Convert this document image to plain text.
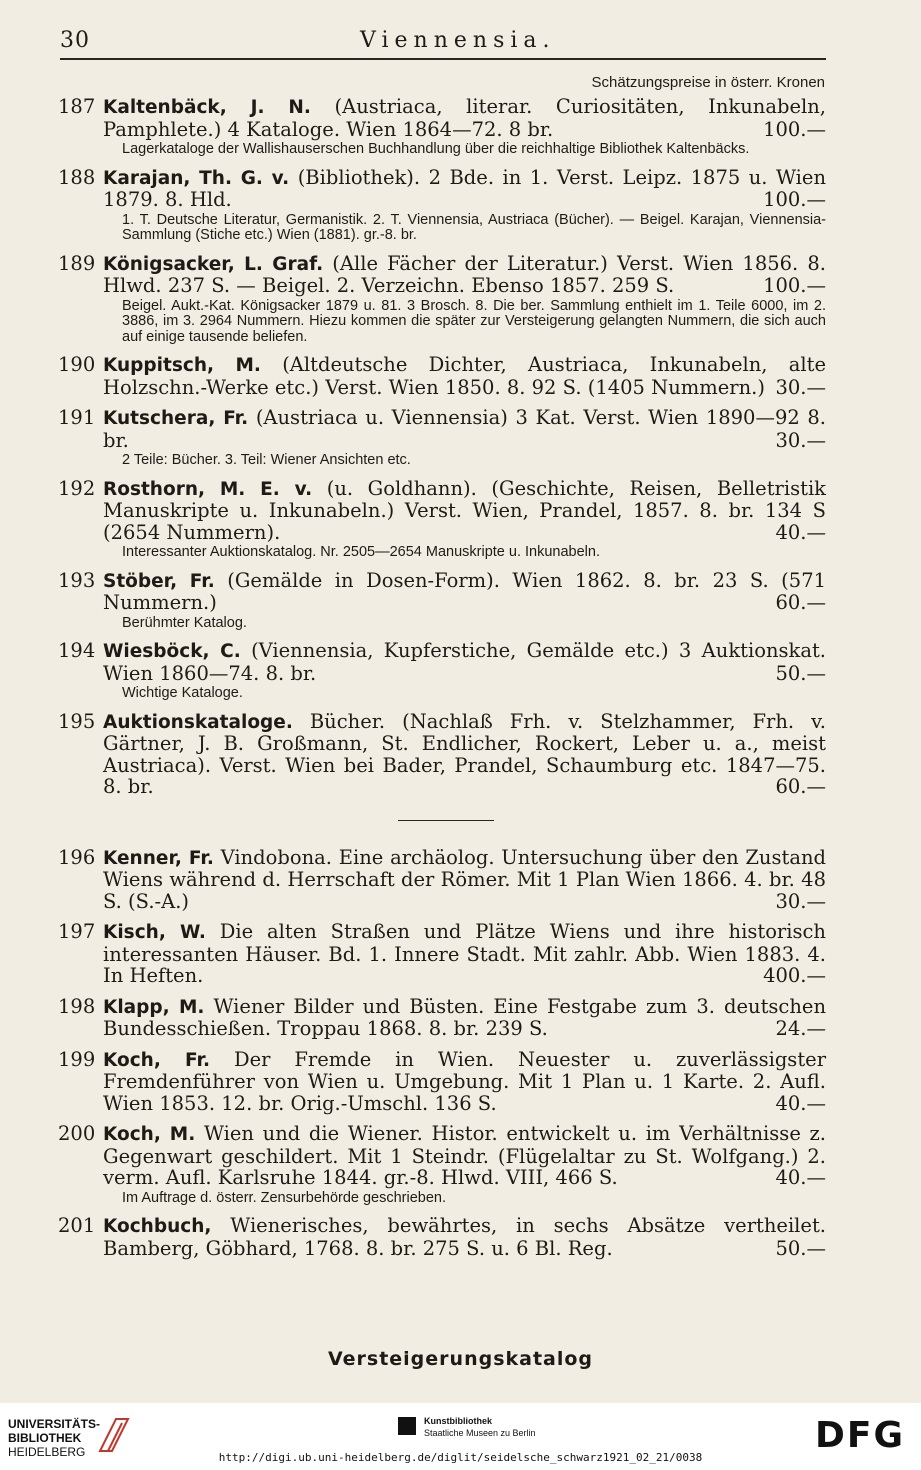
30	Viennensia.
Schätzungspreise in österr. Kronen
187 Kaltenbäck, J. N. (Austriaca, literar. Curiositäten, Inkunabeln, Pamphlete.) 4 Kataloge. Wien 1864—72. 8 br.	100.—
Lagerkataloge der Wallishauserschen Buchhandlung über die reichhaltige Bibliothek Kaltenbäcks.
188 Karajan, Th. G. v. (Bibliothek). 2 Bde. in 1. Verst. Leipz. 1875 u. Wien 1879. 8. Hld.	100.—
1. T. Deutsche Literatur, Germanistik. 2. T. Viennensia, Austriaca (Bücher). — Beigel. Karajan, Viennensia-Sammlung (Stiche etc.) Wien (1881). gr.-8. br.
189 Königsacker, L. Graf. (Alle Fächer der Literatur.) Verst. Wien 1856. 8. Hlwd. 237 S. — Beigel. 2. Verzeichn. Ebenso 1857. 259 S.	100.—
Beigel. Aukt.-Kat. Königsacker 1879 u. 81. 3 Brosch. 8. Die ber. Sammlung enthielt im 1. Teile 6000, im 2. 3886, im 3. 2964 Nummern. Hiezu kommen die später zur Versteigerung gelangten Nummern, die sich auch auf einige tausende beliefen.
190 Kuppitsch, M. (Altdeutsche Dichter, Austriaca, Inkunabeln, alte Holzschn.-Werke etc.) Verst. Wien 1850. 8. 92 S. (1405 Nummern.) 30.—
191 Kutschera, Fr. (Austriaca u. Viennensia) 3 Kat. Verst. Wien 1890—92 8. br.	30.—
2 Teile: Bücher. 3. Teil: Wiener Ansichten etc.
192 Rosthorn, M. E. v. (u. Goldhann). (Geschichte, Reisen, Belletristik Manuskripte u. Inkunabeln.) Verst. Wien, Prandel, 1857. 8. br. 134 S (2654 Nummern).	40.—
Interessanter Auktionskatalog. Nr. 2505—2654 Manuskripte u. Inkunabeln.
193 Stöber, Fr. (Gemälde in Dosen-Form). Wien 1862. 8. br. 23 S. (571 Nummern.)	60.—
Berühmter Katalog.
194 Wiesböck, C. (Viennensia, Kupferstiche, Gemälde etc.) 3 Auktionskat. Wien 1860—74. 8. br.	50.—
Wichtige Kataloge.
195 Auktionskataloge. Bücher. (Nachlaß Frh. v. Stelzhammer, Frh. v. Gärtner, J. B. Großmann, St. Endlicher, Rockert, Leber u. a., meist Austriaca). Verst. Wien bei Bader, Prandel, Schaumburg etc. 1847—75. 8. br.	60.—
196 Kenner, Fr. Vindobona. Eine archäolog. Untersuchung über den Zustand Wiens während d. Herrschaft der Römer. Mit 1 Plan Wien 1866. 4. br. 48 S. (S.-A.)	30.—
197 Kisch, W. Die alten Straßen und Plätze Wiens und ihre historisch interessanten Häuser. Bd. 1. Innere Stadt. Mit zahlr. Abb. Wien 1883. 4. In Heften.	400.—
198 Klapp, M. Wiener Bilder und Büsten. Eine Festgabe zum 3. deutschen Bundesschießen. Troppau 1868. 8. br. 239 S.	24.—
199 Koch, Fr. Der Fremde in Wien. Neuester u. zuverlässigster Fremdenführer von Wien u. Umgebung. Mit 1 Plan u. 1 Karte. 2. Aufl. Wien 1853. 12. br. Orig.-Umschl. 136 S.	40.—
200 Koch, M. Wien und die Wiener. Histor. entwickelt u. im Verhältnisse z. Gegenwart geschildert. Mit 1 Steindr. (Flügelaltar zu St. Wolfgang.) 2. verm. Aufl. Karlsruhe 1844. gr.-8. Hlwd. VIII, 466 S.	40.—
Im Auftrage d. österr. Zensurbehörde geschrieben.
201 Kochbuch, Wienerisches, bewährtes, in sechs Absätze vertheilet. Bamberg, Göbhard, 1768. 8. br. 275 S. u. 6 Bl. Reg.	50.—
Versteigerungskatalog
UNIVERSITÄTS-
BIBLIOTHEK
HEIDELBERG
Kunstbibliothek
Staatliche Museen zu Berlin	DFG
http://digi.ub.uni-heidelberg.de/diglit/seidelsche_schwarz1921_02_21/0038
